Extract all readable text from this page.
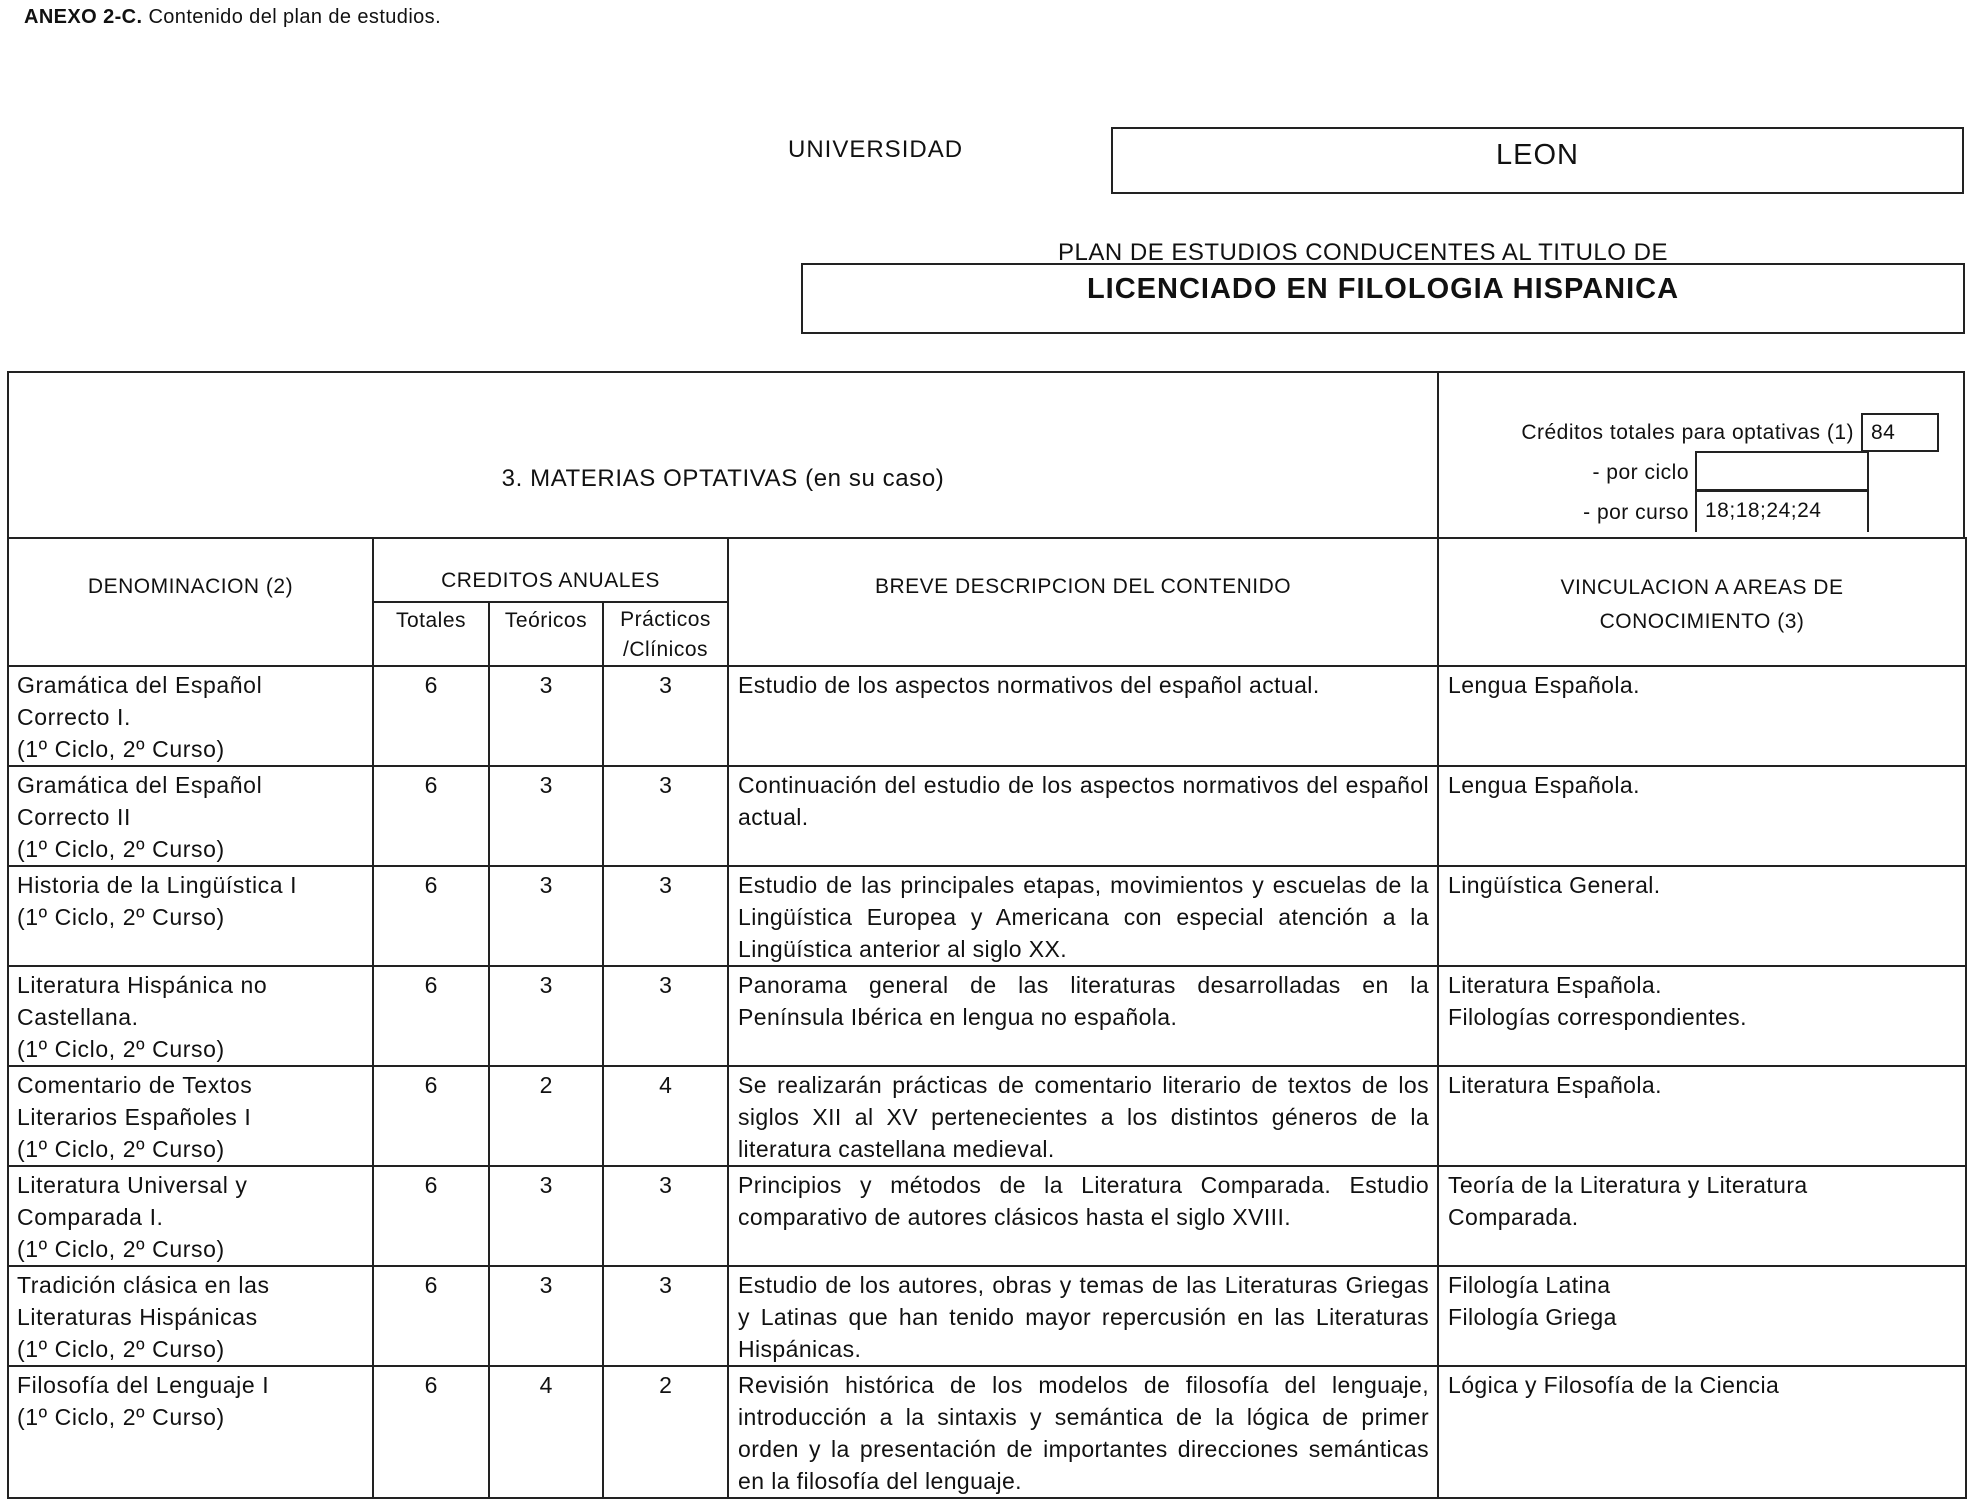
ANEXO 2-C. Contenido del plan de estudios.
UNIVERSIDAD	LEON
PLAN DE ESTUDIOS CONDUCENTES AL TITULO DE
LICENCIADO EN FILOLOGIA HISPANICA
3. MATERIAS OPTATIVAS (en su caso)
Créditos totales para optativas (1) 84
- por ciclo
- por curso 18;18;24;24
DENOMINACION (2)	CREDITOS ANUALES			BREVE DESCRIPCION DEL CONTENIDO	VINCULACION A AREAS DE
CONOCIMIENTO (3)

	Totales	Teóricos	Prácticos
/Clínicos		

Gramática del Español
Correcto I.
(1º Ciclo, 2º Curso)	6	3	3	Estudio de los aspectos normativos del español actual.	Lengua Española.

Gramática del Español
Correcto II
(1º Ciclo, 2º Curso)	6	3	3	Continuación del estudio de los aspectos normativos del español actual.	Lengua Española.

Historia de la Lingüística I
(1º Ciclo, 2º Curso)	6	3	3	Estudio de las principales etapas, movimientos y escuelas de la Lingüística Europea y Americana con especial atención a la Lingüística anterior al siglo XX.	Lingüística General.

Literatura Hispánica no
Castellana.
(1º Ciclo, 2º Curso)	6	3	3	Panorama general de las literaturas desarrolladas en la Península Ibérica en lengua no española.	Literatura Española.
Filologías correspondientes.

Comentario de Textos
Literarios Españoles I
(1º Ciclo, 2º Curso)	6	2	4	Se realizarán prácticas de comentario literario de textos de los siglos XII al XV pertenecientes a los distintos géneros de la literatura castellana medieval.	Literatura Española.

Literatura Universal y
Comparada I.
(1º Ciclo, 2º Curso)	6	3	3	Principios y métodos de la Literatura Comparada. Estudio comparativo de autores clásicos hasta el siglo XVIII.	Teoría de la Literatura y Literatura
Comparada.

Tradición clásica en las
Literaturas Hispánicas
(1º Ciclo, 2º Curso)	6	3	3	Estudio de los autores, obras y temas de las Literaturas Griegas y Latinas que han tenido mayor repercusión en las Literaturas Hispánicas.	Filología Latina
Filología Griega

Filosofía del Lenguaje I
(1º Ciclo, 2º Curso)	6	4	2	Revisión histórica de los modelos de filosofía del lenguaje, introducción a la sintaxis y semántica de la lógica de primer orden y la presentación de importantes direcciones semánticas en la filosofía del lenguaje.	Lógica y Filosofía de la Ciencia
